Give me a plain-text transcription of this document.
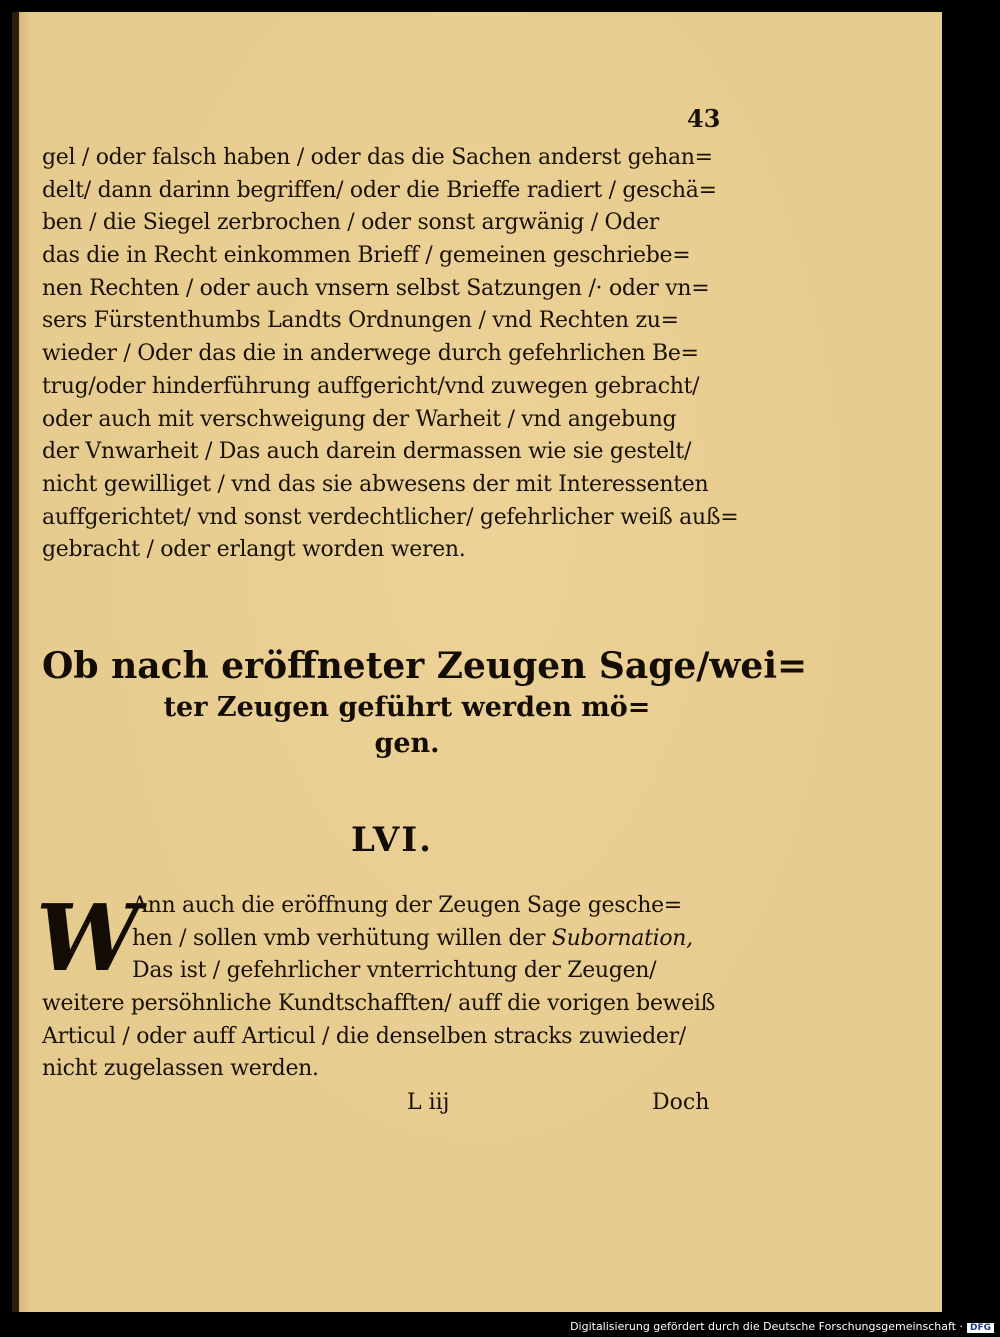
43
gel / oder falsch haben / oder das die Sachen anderst gehan=
delt/ dann darinn begriffen/ oder die Brieffe radiert / geschä=
ben / die Siegel zerbrochen / oder sonst argwänig / Oder
das die in Recht einkommen Brieff / gemeinen geschriebe=
nen Rechten / oder auch vnsern selbst Satzungen /· oder vn=
sers Fürstenthumbs Landts Ordnungen / vnd Rechten zu=
wieder / Oder das die in anderwege durch gefehrlichen Be=
trug/oder hinderführung auffgericht/vnd zuwegen gebracht/
oder auch mit verschweigung der Warheit / vnd angebung
der Vnwarheit / Das auch darein dermassen wie sie gestelt/
nicht gewilliget / vnd das sie abwesens der mit Interessenten
auffgerichtet/ vnd sonst verdechtlicher/ gefehrlicher weiß auß=
gebracht / oder erlangt worden weren.
Ob nach eröffneter Zeugen Sage/wei=
ter Zeugen geführt werden mö=
gen.
LVI.
W
Ann auch die eröffnung der Zeugen Sage gesche=
hen / sollen vmb verhütung willen der Subornation,
Das ist / gefehrlicher vnterrichtung der Zeugen/
weitere persöhnliche Kundtschafften/ auff die vorigen beweiß
Articul / oder auff Articul / die denselben stracks zuwieder/
nicht zugelassen werden.
L iij	Doch
Digitalisierung gefördert durch die Deutsche Forschungsgemeinschaft · DFG
